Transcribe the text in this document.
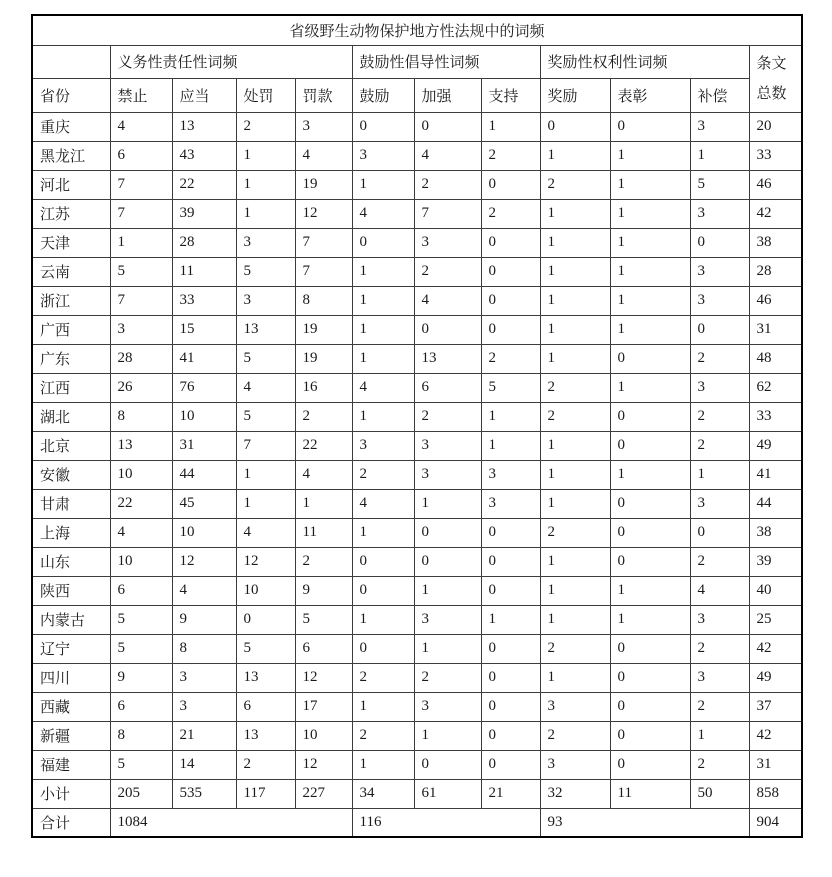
省级野生动物保护地方性法规中的词频											
	义务性责任性词频				鼓励性倡导性词频			奖励性权利性词频			条文
总数

省份	禁止	应当	处罚	罚款	鼓励	加强	支持	奖励	表彰	补偿	
重庆	4	13	2	3	0	0	1	0	0	3	20
黑龙江	6	43	1	4	3	4	2	1	1	1	33
河北	7	22	1	19	1	2	0	2	1	5	46
江苏	7	39	1	12	4	7	2	1	1	3	42
天津	1	28	3	7	0	3	0	1	1	0	38
云南	5	11	5	7	1	2	0	1	1	3	28
浙江	7	33	3	8	1	4	0	1	1	3	46
广西	3	15	13	19	1	0	0	1	1	0	31
广东	28	41	5	19	1	13	2	1	0	2	48
江西	26	76	4	16	4	6	5	2	1	3	62
湖北	8	10	5	2	1	2	1	2	0	2	33
北京	13	31	7	22	3	3	1	1	0	2	49
安徽	10	44	1	4	2	3	3	1	1	1	41
甘肃	22	45	1	1	4	1	3	1	0	3	44
上海	4	10	4	11	1	0	0	2	0	0	38
山东	10	12	12	2	0	0	0	1	0	2	39
陕西	6	4	10	9	0	1	0	1	1	4	40
内蒙古	5	9	0	5	1	3	1	1	1	3	25
辽宁	5	8	5	6	0	1	0	2	0	2	42
四川	9	3	13	12	2	2	0	1	0	3	49
西藏	6	3	6	17	1	3	0	3	0	2	37
新疆	8	21	13	10	2	1	0	2	0	1	42
福建	5	14	2	12	1	0	0	3	0	2	31
小计	205	535	117	227	34	61	21	32	11	50	858
合计	1084				116			93			904
